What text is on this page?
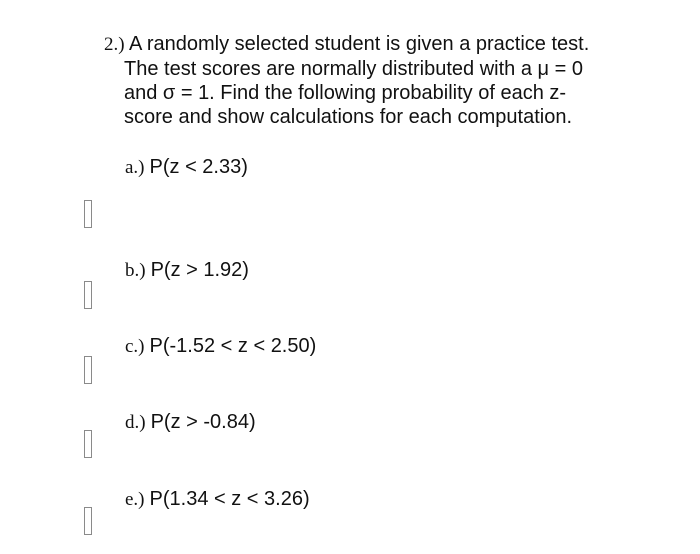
2.) A randomly selected student is given a practice test.
The test scores are normally distributed with a μ = 0
and σ = 1. Find the following probability of each z-
score and show calculations for each computation.
a.) P(z < 2.33)
b.) P(z > 1.92)
c.) P(-1.52 < z < 2.50)
d.) P(z > -0.84)
e.) P(1.34 < z < 3.26)
